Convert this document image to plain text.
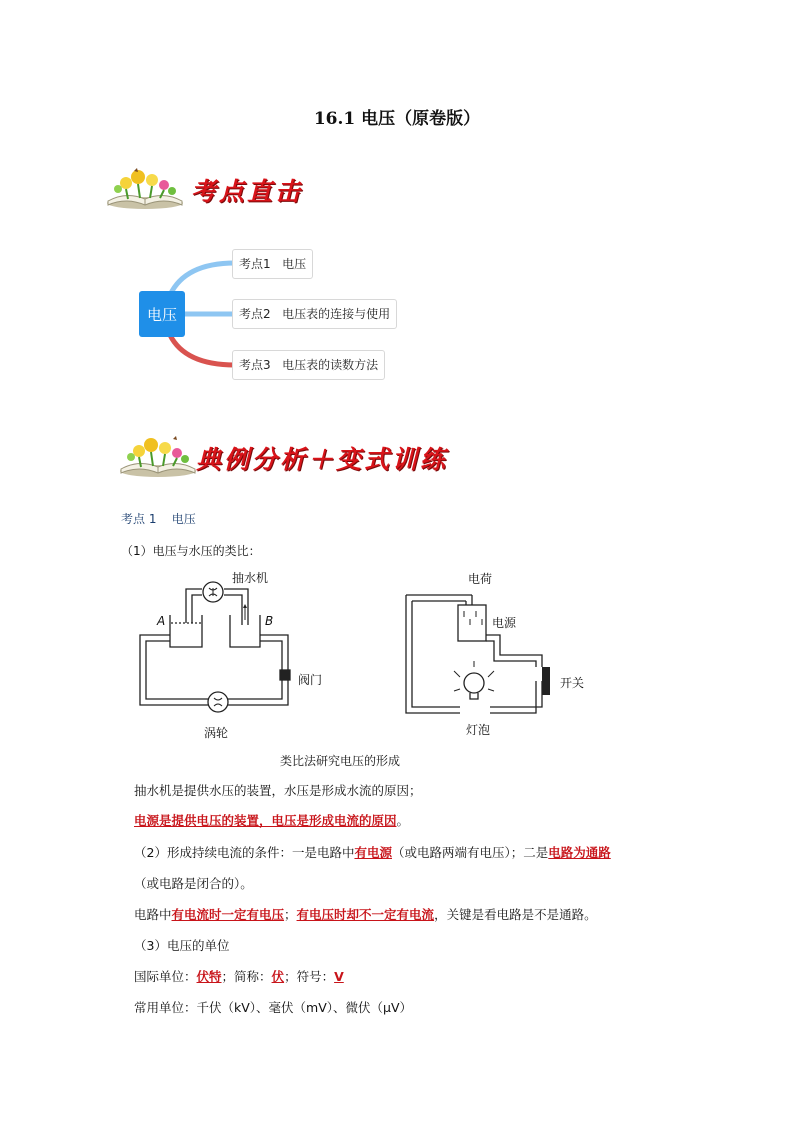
16.1 电压（原卷版）
考点直击
电压
考点1   电压
考点2   电压表的连接与使用
考点3   电压表的读数方法
典例分析＋变式训练
考点 1    电压
（1）电压与水压的类比：
抽水机
A	B
阀门
涡轮
电荷
电源
开关
灯泡
类比法研究电压的形成
抽水机是提供水压的装置，水压是形成水流的原因；
电源是提供电压的装置，电压是形成电流的原因。
（2）形成持续电流的条件：一是电路中有电源（或电路两端有电压）；二是电路为通路
（或电路是闭合的）。
电路中有电流时一定有电压；有电压时却不一定有电流，关键是看电路是不是通路。
（3）电压的单位
国际单位：伏特；简称：伏；符号：V
常用单位：千伏（kV）、毫伏（mV）、微伏（μV）
